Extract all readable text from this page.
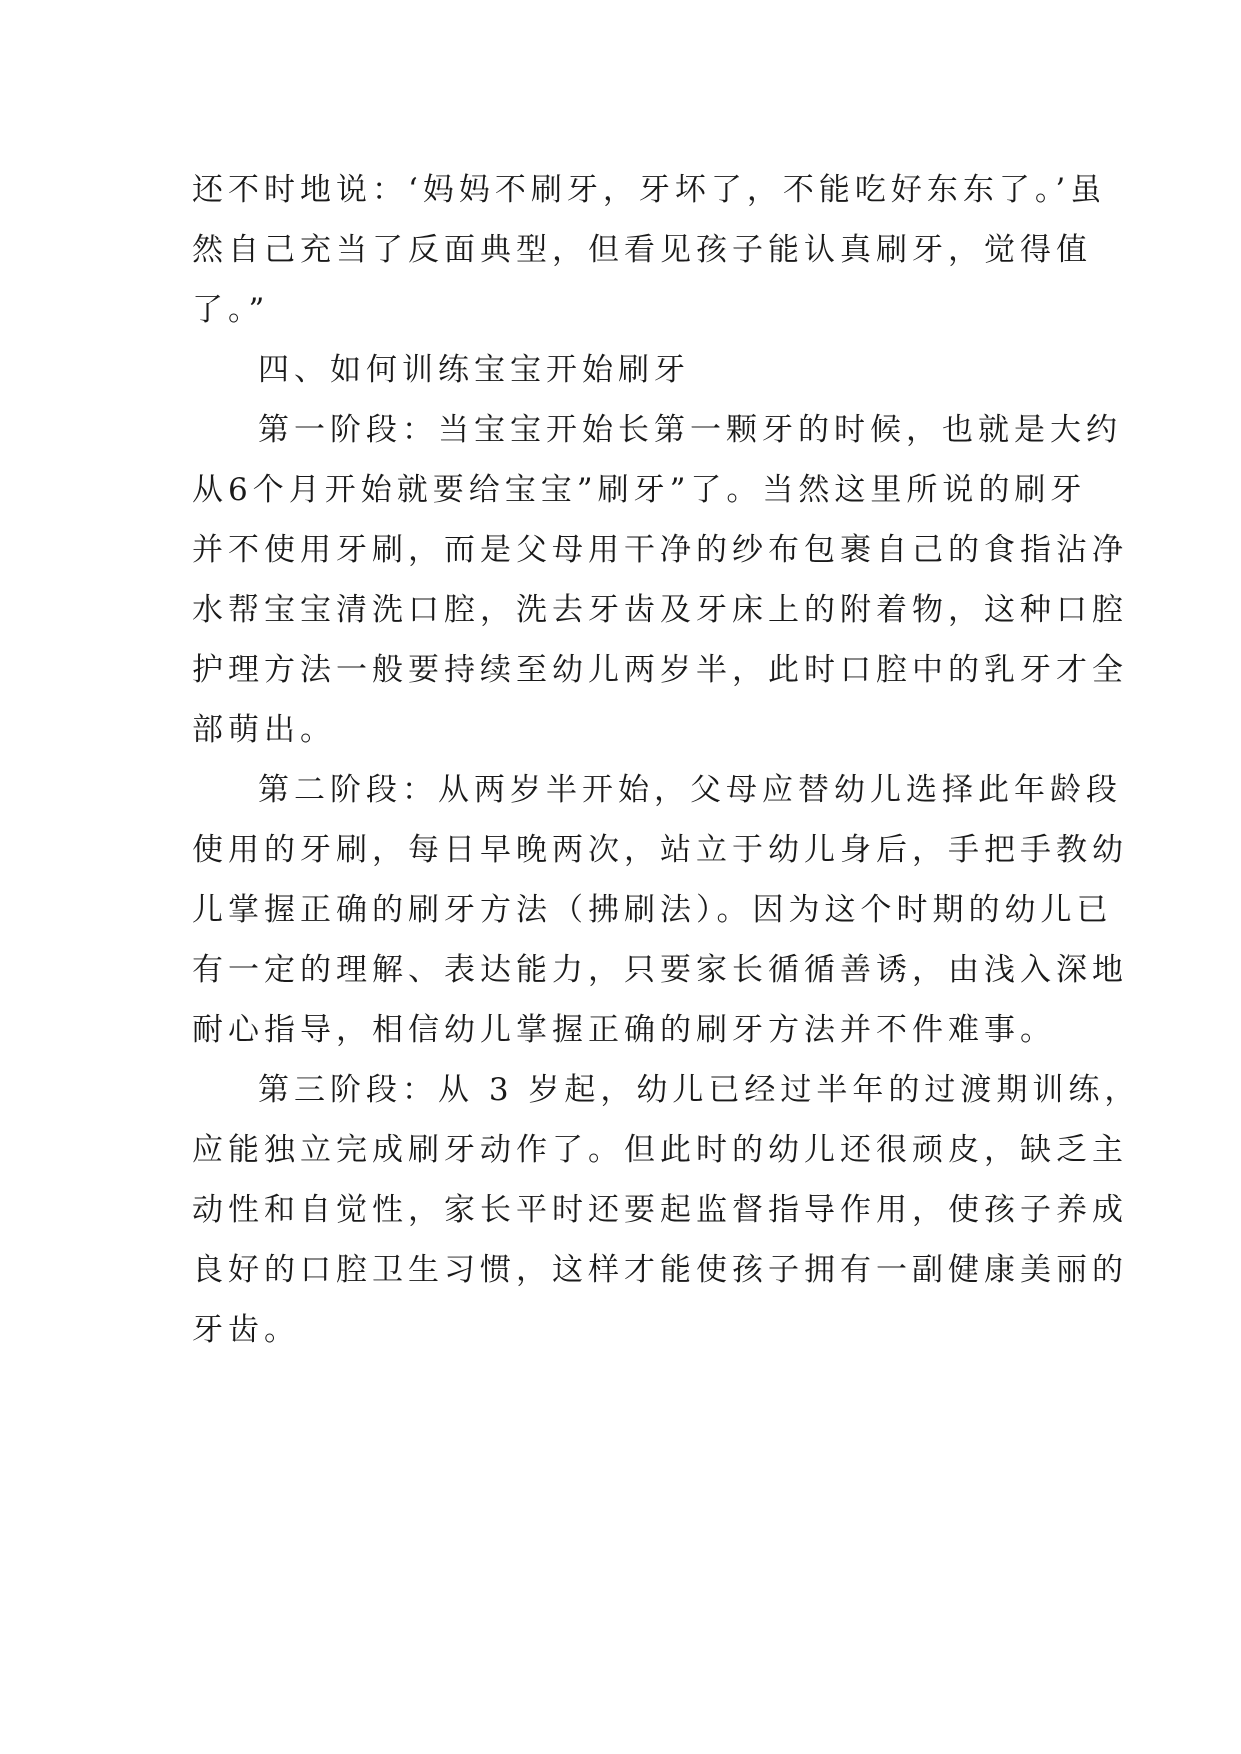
还不时地说：‘妈妈不刷牙，牙坏了，不能吃好东东了。’虽
然自己充当了反面典型，但看见孩子能认真刷牙，觉得值
了。”
四、如何训练宝宝开始刷牙
第一阶段：当宝宝开始长第一颗牙的时候，也就是大约
从6个月开始就要给宝宝”刷牙”了。当然这里所说的刷牙
并不使用牙刷，而是父母用干净的纱布包裹自己的食指沾净
水帮宝宝清洗口腔，洗去牙齿及牙床上的附着物，这种口腔
护理方法一般要持续至幼儿两岁半，此时口腔中的乳牙才全
部萌出。
第二阶段：从两岁半开始，父母应替幼儿选择此年龄段
使用的牙刷，每日早晚两次，站立于幼儿身后，手把手教幼
儿掌握正确的刷牙方法（拂刷法）。因为这个时期的幼儿已
有一定的理解、表达能力，只要家长循循善诱，由浅入深地
耐心指导，相信幼儿掌握正确的刷牙方法并不件难事。
第三阶段：从 3 岁起，幼儿已经过半年的过渡期训练，
应能独立完成刷牙动作了。但此时的幼儿还很顽皮，缺乏主
动性和自觉性，家长平时还要起监督指导作用，使孩子养成
良好的口腔卫生习惯，这样才能使孩子拥有一副健康美丽的
牙齿。
